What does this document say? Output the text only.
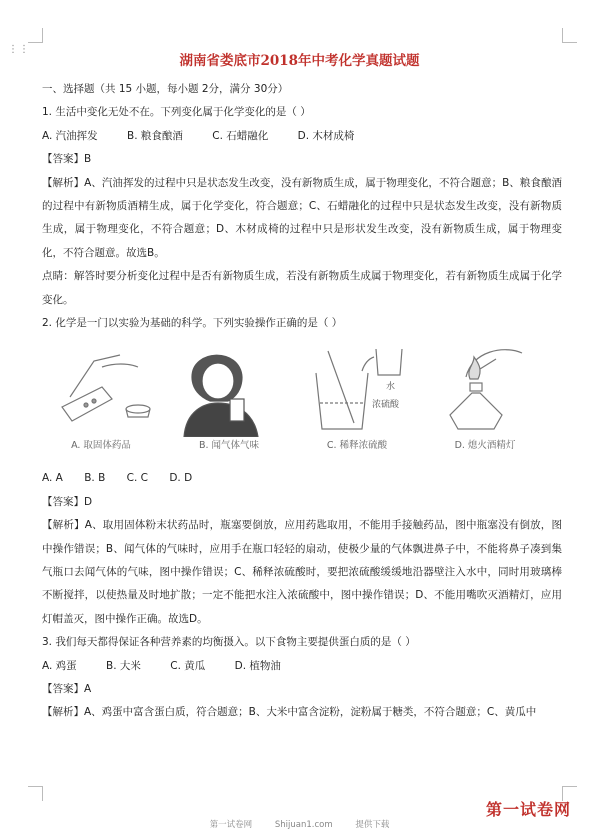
⋮⋮
湖南省娄底市2018年中考化学真题试题
一、选择题（共 15 小题，每小题 2分，满分 30分）
1. 生活中变化无处不在。下列变化属于化学变化的是（ ）
A. 汽油挥发	B. 粮食酿酒	C. 石蜡融化	D. 木材成椅
【答案】B
【解析】A、汽油挥发的过程中只是状态发生改变，没有新物质生成，属于物理变化，不符合题意；B、粮食酿酒的过程中有新物质酒精生成，属于化学变化，符合题意；C、石蜡融化的过程中只是状态发生改变，没有新物质生成，属于物理变化，不符合题意；D、木材成椅的过程中只是形状发生改变，没有新物质生成，属于物理变化，不符合题意。故选B。
点睛：解答时要分析变化过程中是否有新物质生成，若没有新物质生成属于物理变化，若有新物质生成属于化学变化。
2. 化学是一门以实验为基础的科学。下列实验操作正确的是（ ）
A. 取固体药品	B. 闻气体气味
水
浓硫酸
C. 稀释浓硫酸	D. 熄火酒精灯
A. A B. B C. C D. D
【答案】D
【解析】A、取用固体粉末状药品时，瓶塞要倒放，应用药匙取用，不能用手接触药品，图中瓶塞没有倒放，图中操作错误；B、闻气体的气味时，应用手在瓶口轻轻的扇动，使极少量的气体飘进鼻子中，不能将鼻子凑到集气瓶口去闻气体的气味，图中操作错误；C、稀释浓硫酸时，要把浓硫酸缓缓地沿器壁注入水中，同时用玻璃棒不断搅拌，以使热量及时地扩散；一定不能把水注入浓硫酸中，图中操作错误；D、不能用嘴吹灭酒精灯，应用灯帽盖灭，图中操作正确。故选D。
3. 我们每天都得保证各种营养素的均衡摄入。以下食物主要提供蛋白质的是（ ）
A. 鸡蛋	B. 大米	C. 黄瓜	D. 植物油
【答案】A
【解析】A、鸡蛋中富含蛋白质，符合题意；B、大米中富含淀粉，淀粉属于糖类，不符合题意；C、黄瓜中
第一试卷网
第一试卷网	Shijuan1.com	提供下载
